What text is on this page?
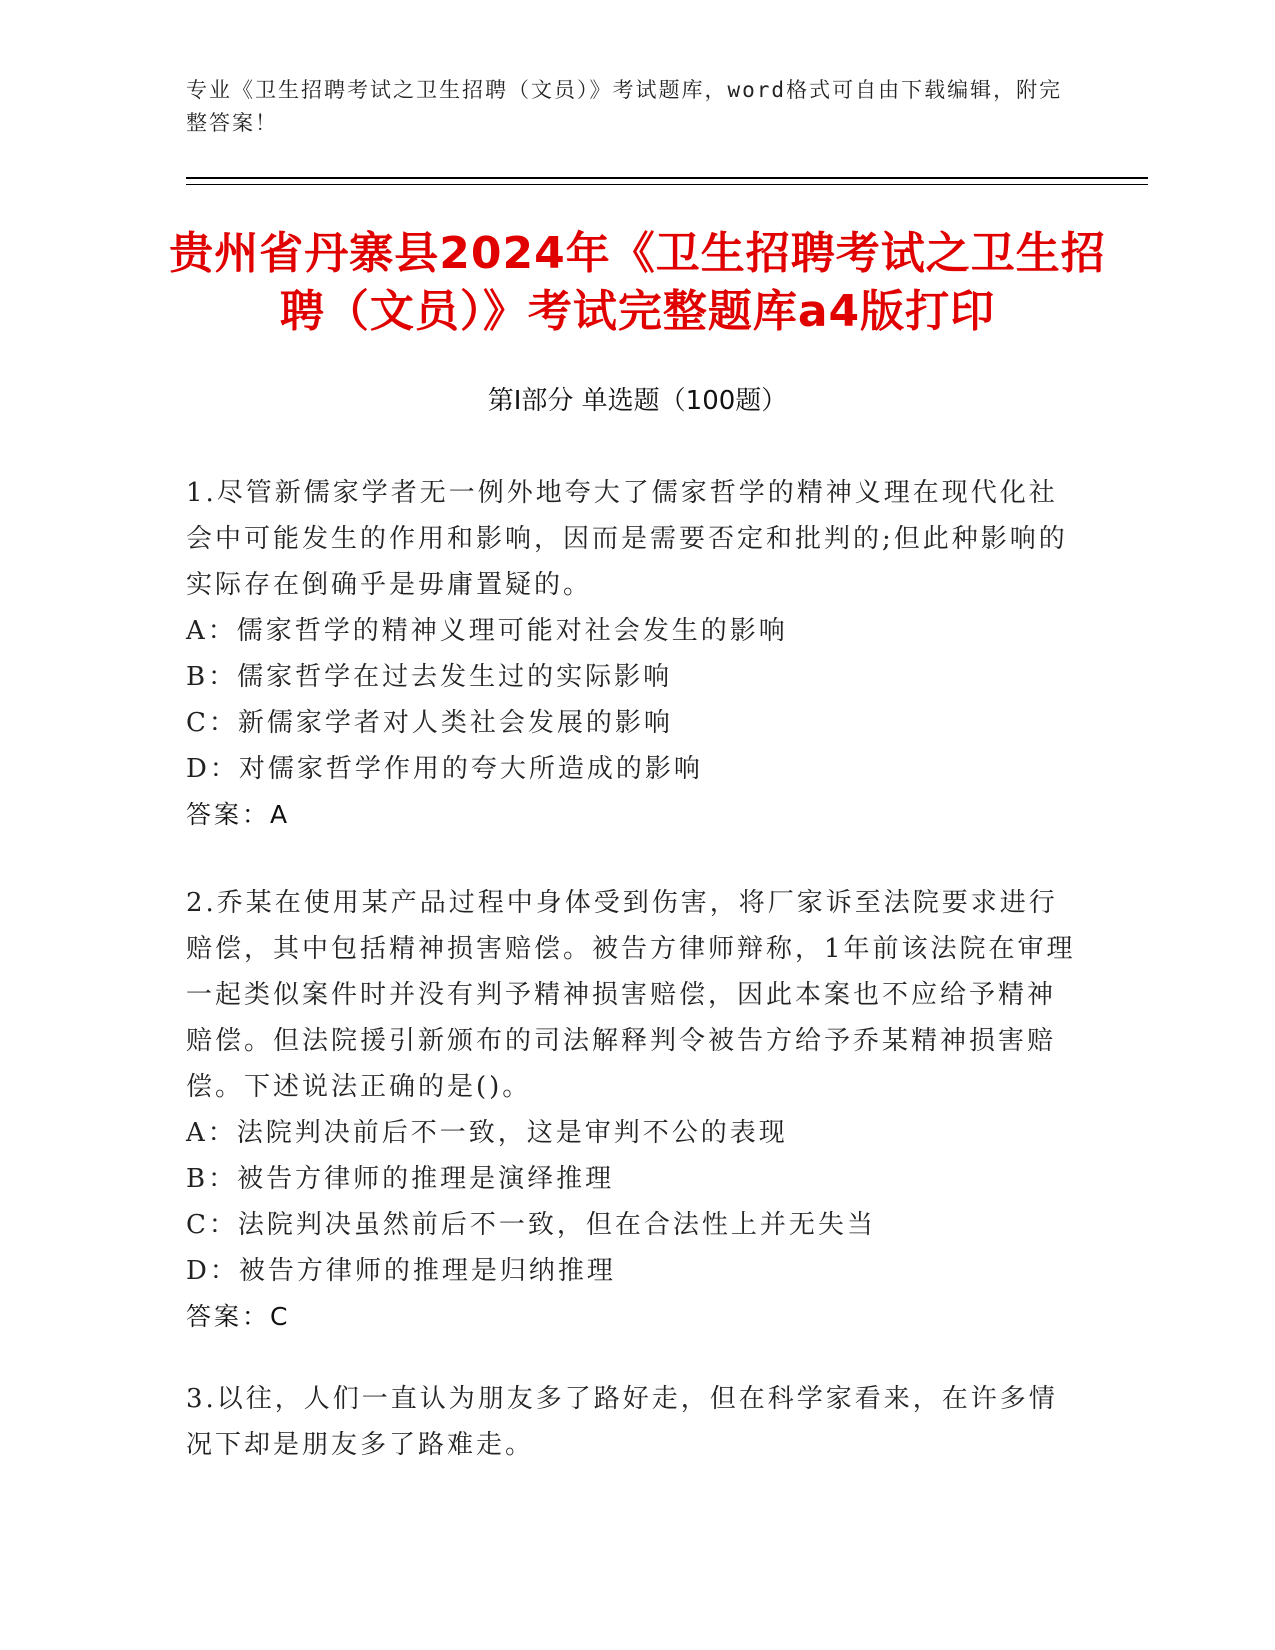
专业《卫生招聘考试之卫生招聘（文员）》考试题库，word格式可自由下载编辑，附完整答案！
贵州省丹寨县2024年《卫生招聘考试之卫生招聘（文员）》考试完整题库a4版打印
第Ⅰ部分 单选题（100题）
1.尽管新儒家学者无一例外地夸大了儒家哲学的精神义理在现代化社会中可能发生的作用和影响，因而是需要否定和批判的;但此种影响的实际存在倒确乎是毋庸置疑的。
A：儒家哲学的精神义理可能对社会发生的影响
B：儒家哲学在过去发生过的实际影响
C：新儒家学者对人类社会发展的影响
D：对儒家哲学作用的夸大所造成的影响
答案：A
2.乔某在使用某产品过程中身体受到伤害，将厂家诉至法院要求进行赔偿，其中包括精神损害赔偿。被告方律师辩称，1年前该法院在审理一起类似案件时并没有判予精神损害赔偿，因此本案也不应给予精神赔偿。但法院援引新颁布的司法解释判令被告方给予乔某精神损害赔偿。下述说法正确的是()。
A：法院判决前后不一致，这是审判不公的表现
B：被告方律师的推理是演绎推理
C：法院判决虽然前后不一致，但在合法性上并无失当
D：被告方律师的推理是归纳推理
答案：C
3.以往，人们一直认为朋友多了路好走，但在科学家看来，在许多情况下却是朋友多了路难走。
